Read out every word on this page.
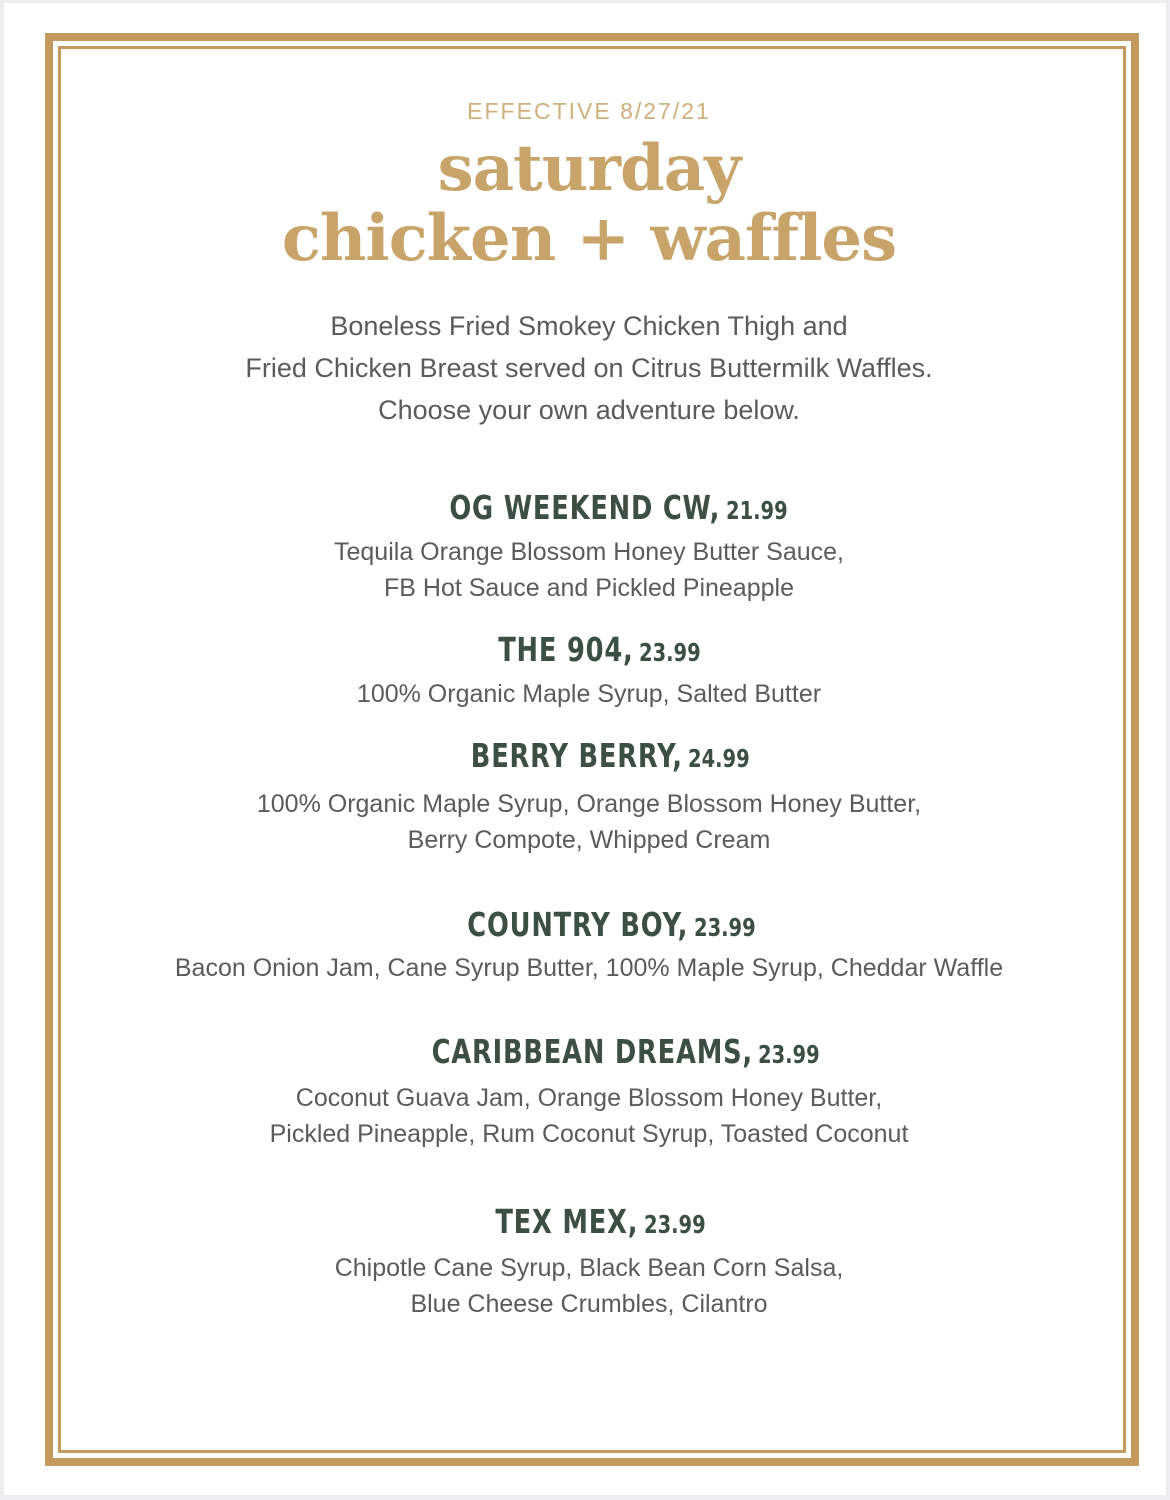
EFFECTIVE 8/27/21
saturday
chicken + waffles
Boneless Fried Smokey Chicken Thigh and
Fried Chicken Breast served on Citrus Buttermilk Waffles.
Choose your own adventure below.
OG WEEKEND CW, 21.99
Tequila Orange Blossom Honey Butter Sauce,
FB Hot Sauce and Pickled Pineapple
THE 904, 23.99
100% Organic Maple Syrup, Salted Butter
BERRY BERRY, 24.99
100% Organic Maple Syrup, Orange Blossom Honey Butter,
Berry Compote, Whipped Cream
COUNTRY BOY, 23.99
Bacon Onion Jam, Cane Syrup Butter, 100% Maple Syrup, Cheddar Waffle
CARIBBEAN DREAMS, 23.99
Coconut Guava Jam, Orange Blossom Honey Butter,
Pickled Pineapple, Rum Coconut Syrup, Toasted Coconut
TEX MEX, 23.99
Chipotle Cane Syrup, Black Bean Corn Salsa,
Blue Cheese Crumbles, Cilantro
